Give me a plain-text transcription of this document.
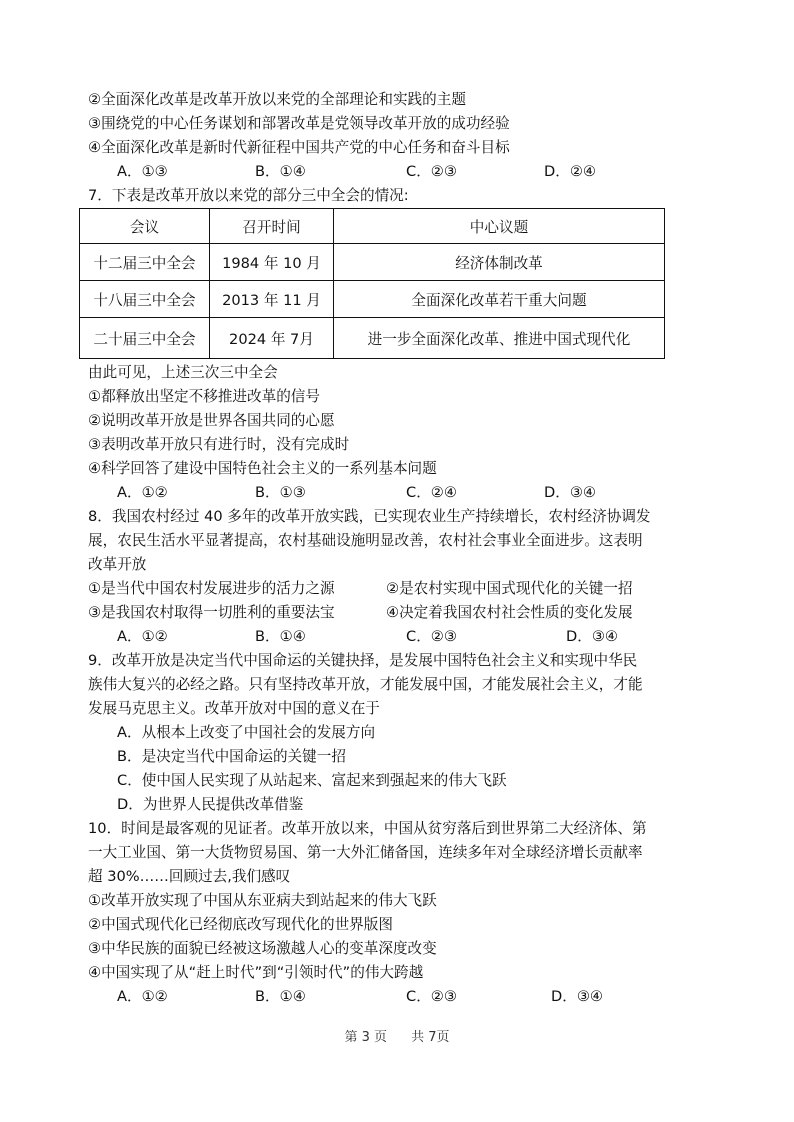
②全面深化改革是改革开放以来党的全部理论和实践的主题
③围绕党的中心任务谋划和部署改革是党领导改革开放的成功经验
④全面深化改革是新时代新征程中国共产党的中心任务和奋斗目标
A．①③	B．①④	C．②③	D．②④
7．下表是改革开放以来党的部分三中全会的情况:
会议	召开时间	中心议题
十二届三中全会	1984 年 10 月	经济体制改革
十八届三中全会	2013 年 11 月	全面深化改革若干重大问题
二十届三中全会	2024 年 7月	进一步全面深化改革、推进中国式现代化
由此可见，上述三次三中全会
①都释放出坚定不移推进改革的信号
②说明改革开放是世界各国共同的心愿
③表明改革开放只有进行时，没有完成时
④科学回答了建设中国特色社会主义的一系列基本问题
A．①②	B．①③	C．②④	D．③④
8．我国农村经过 40 多年的改革开放实践，已实现农业生产持续增长，农村经济协调发
展，农民生活水平显著提高，农村基础设施明显改善，农村社会事业全面进步。这表明
改革开放
①是当代中国农村发展进步的活力之源	②是农村实现中国式现代化的关键一招
③是我国农村取得一切胜利的重要法宝	④决定着我国农村社会性质的变化发展
A．①②	B．①④	C．②③	D．③④
9．改革开放是决定当代中国命运的关键抉择，是发展中国特色社会主义和实现中华民
族伟大复兴的必经之路。只有坚持改革开放，才能发展中国，才能发展社会主义，才能
发展马克思主义。改革开放对中国的意义在于
A．从根本上改变了中国社会的发展方向
B．是决定当代中国命运的关键一招
C．使中国人民实现了从站起来、富起来到强起来的伟大飞跃
D．为世界人民提供改革借鉴
10．时间是最客观的见证者。改革开放以来，中国从贫穷落后到世界第二大经济体、第
一大工业国、第一大货物贸易国、第一大外汇储备国，连续多年对全球经济增长贡献率
超 30%……回顾过去,我们感叹
①改革开放实现了中国从东亚病夫到站起来的伟大飞跃
②中国式现代化已经彻底改写现代化的世界版图
③中华民族的面貌已经被这场激越人心的变革深度改变
④中国实现了从“赶上时代”到“引领时代”的伟大跨越
A．①②	B．①④	C．②③	D．③④
第 3 页 共 7页
